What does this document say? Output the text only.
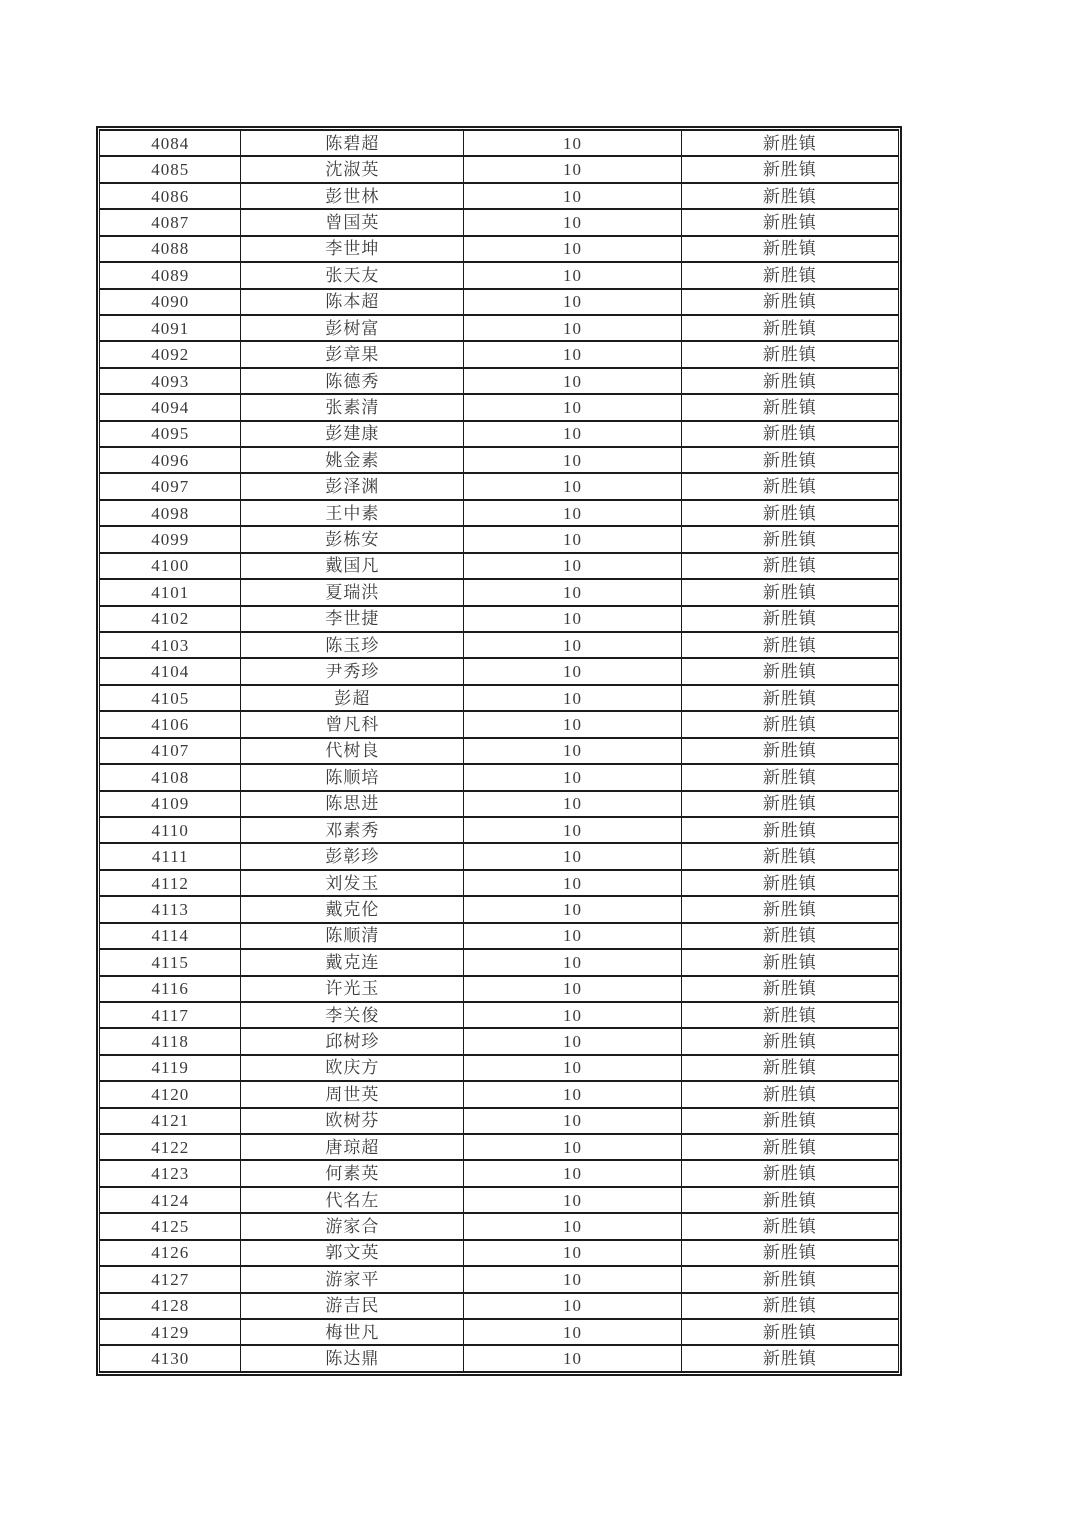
4084	陈碧超	10	新胜镇
4085	沈淑英	10	新胜镇
4086	彭世林	10	新胜镇
4087	曾国英	10	新胜镇
4088	李世坤	10	新胜镇
4089	张天友	10	新胜镇
4090	陈本超	10	新胜镇
4091	彭树富	10	新胜镇
4092	彭章果	10	新胜镇
4093	陈德秀	10	新胜镇
4094	张素清	10	新胜镇
4095	彭建康	10	新胜镇
4096	姚金素	10	新胜镇
4097	彭泽渊	10	新胜镇
4098	王中素	10	新胜镇
4099	彭栋安	10	新胜镇
4100	戴国凡	10	新胜镇
4101	夏瑞洪	10	新胜镇
4102	李世捷	10	新胜镇
4103	陈玉珍	10	新胜镇
4104	尹秀珍	10	新胜镇
4105	彭超	10	新胜镇
4106	曾凡科	10	新胜镇
4107	代树良	10	新胜镇
4108	陈顺培	10	新胜镇
4109	陈思进	10	新胜镇
4110	邓素秀	10	新胜镇
4111	彭彰珍	10	新胜镇
4112	刘发玉	10	新胜镇
4113	戴克伦	10	新胜镇
4114	陈顺清	10	新胜镇
4115	戴克连	10	新胜镇
4116	许光玉	10	新胜镇
4117	李关俊	10	新胜镇
4118	邱树珍	10	新胜镇
4119	欧庆方	10	新胜镇
4120	周世英	10	新胜镇
4121	欧树芬	10	新胜镇
4122	唐琼超	10	新胜镇
4123	何素英	10	新胜镇
4124	代名左	10	新胜镇
4125	游家合	10	新胜镇
4126	郭文英	10	新胜镇
4127	游家平	10	新胜镇
4128	游吉民	10	新胜镇
4129	梅世凡	10	新胜镇
4130	陈达鼎	10	新胜镇
